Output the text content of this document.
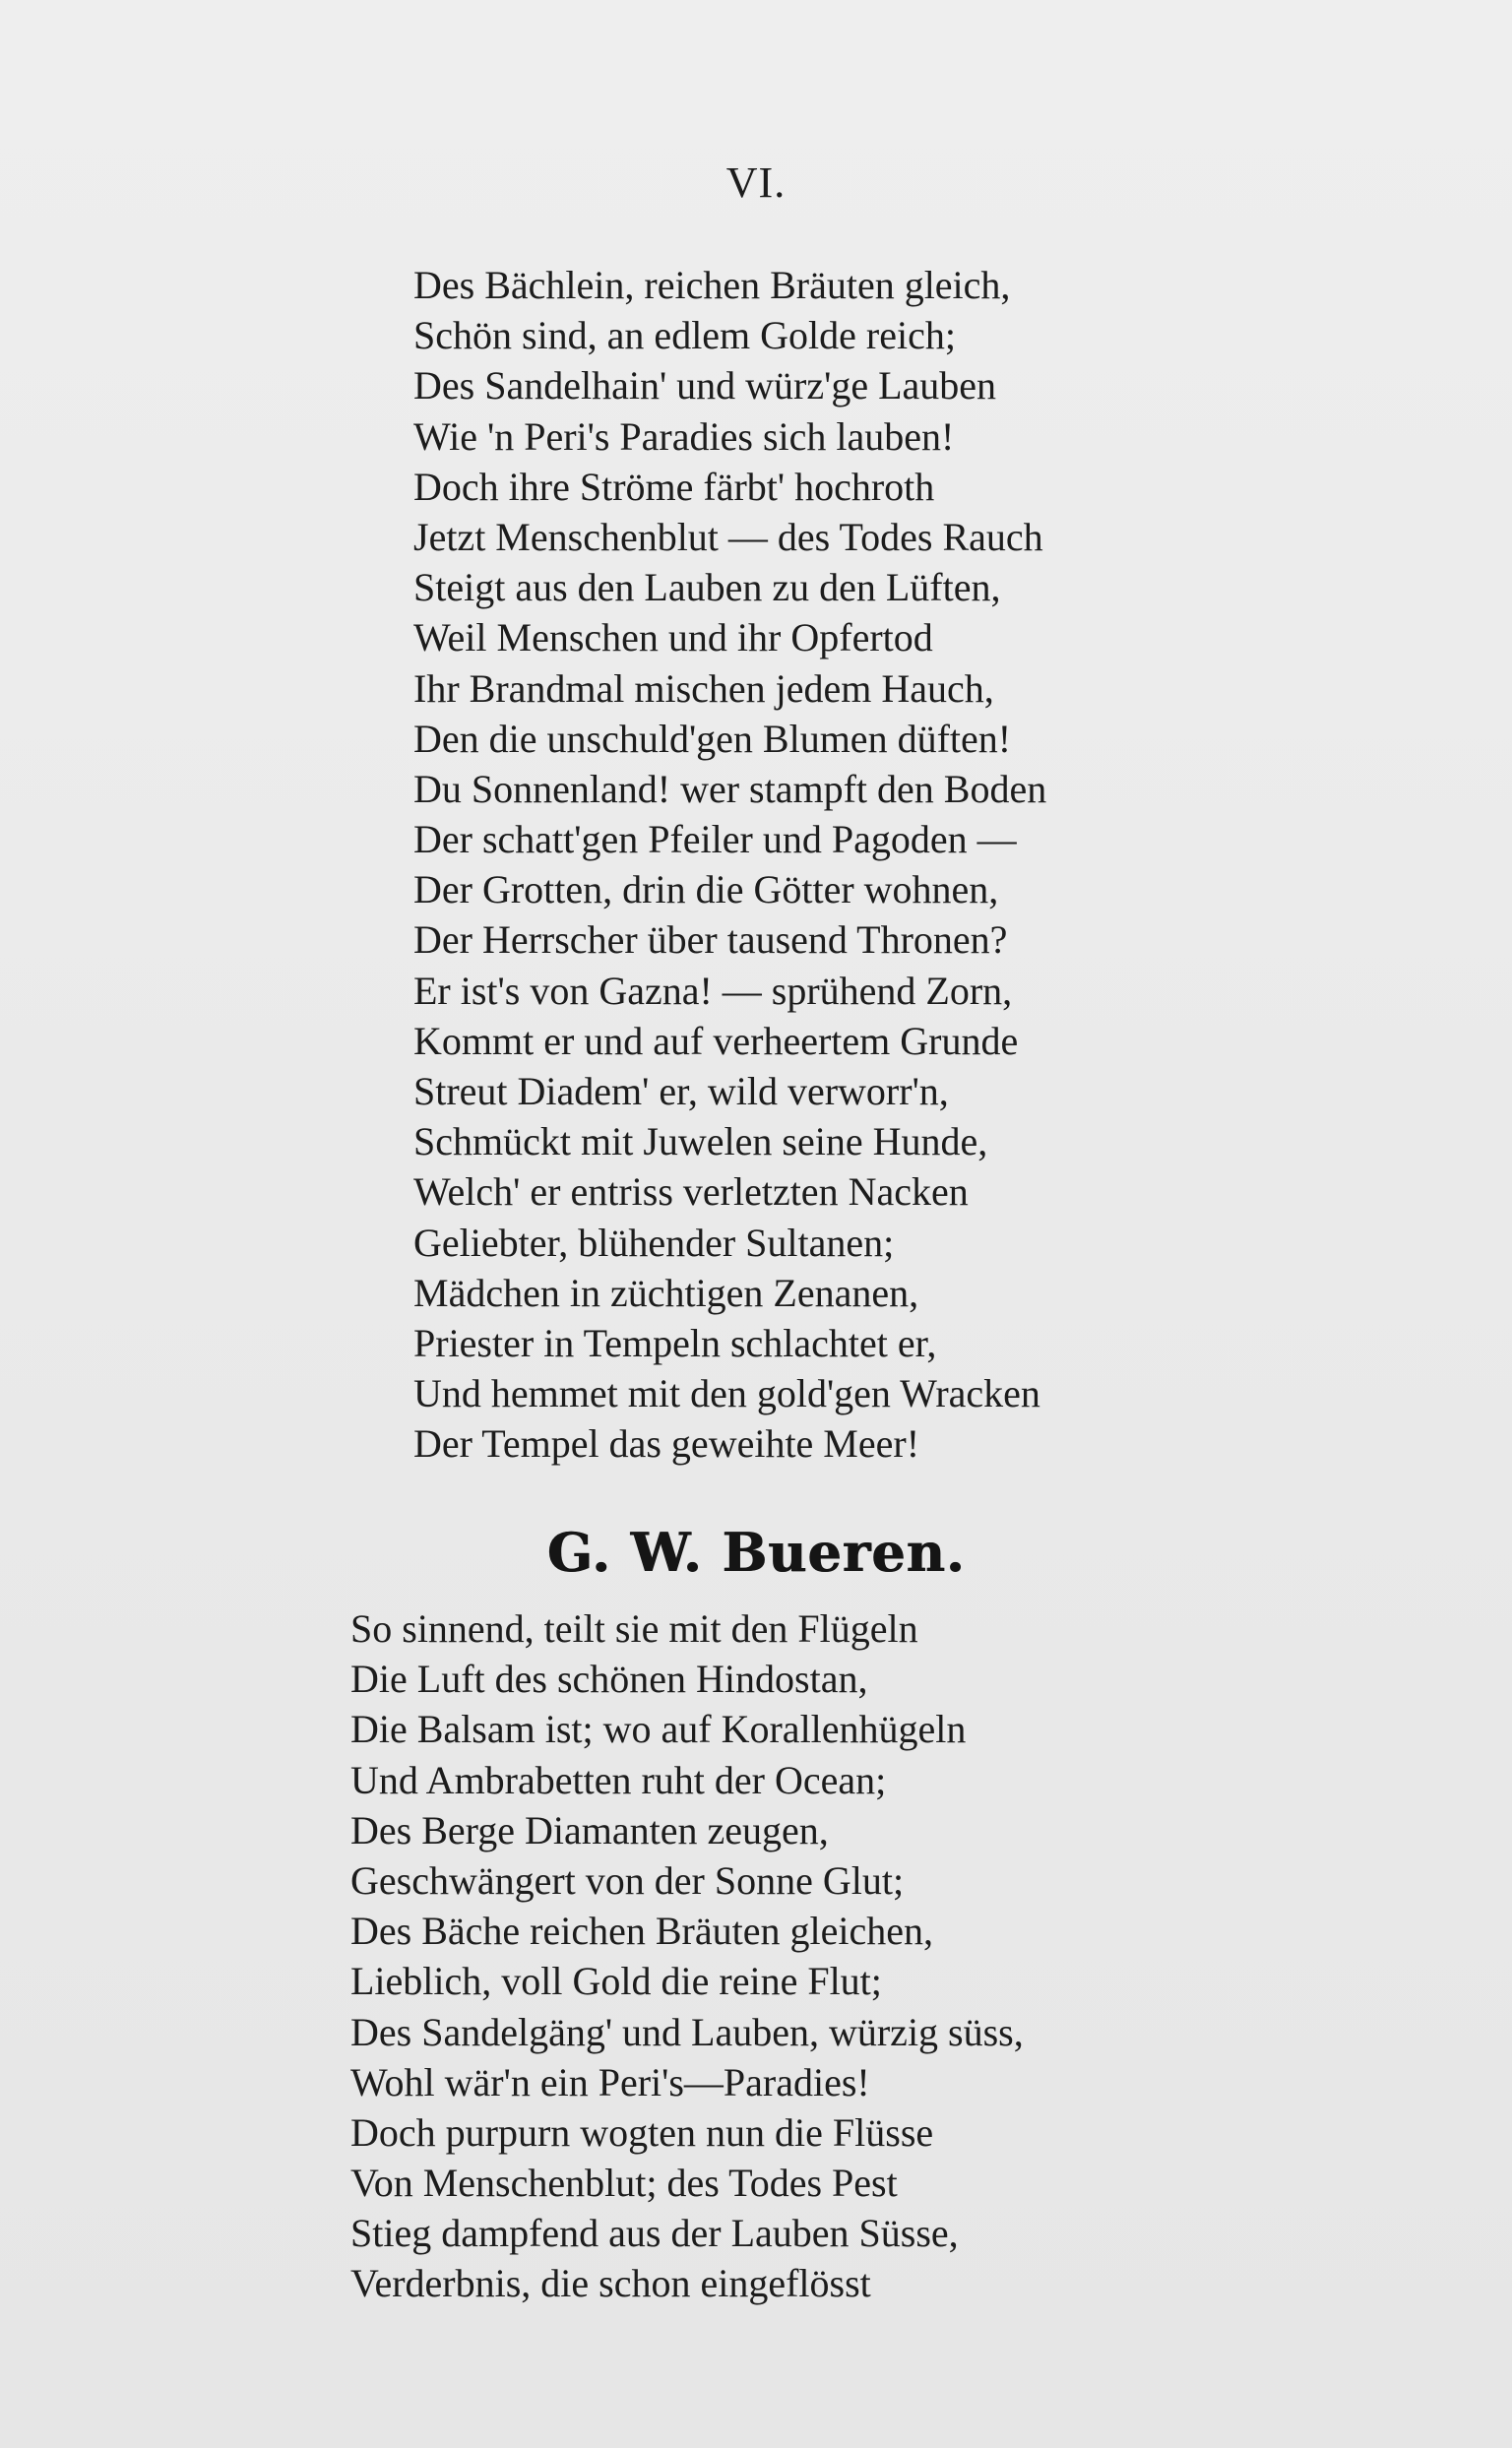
VI.

Des Bächlein, reichen Bräuten gleich,
Schön sind, an edlem Golde reich;
Des Sandelhain' und würz'ge Lauben
Wie 'n Peri's Paradies sich lauben!
Doch ihre Ströme färbt' hochroth
Jetzt Menschenblut — des Todes Rauch
Steigt aus den Lauben zu den Lüften,
Weil Menschen und ihr Opfertod
Ihr Brandmal mischen jedem Hauch,
Den die unschuld'gen Blumen düften!
Du Sonnenland! wer stampft den Boden
Der schatt'gen Pfeiler und Pagoden —
Der Grotten, drin die Götter wohnen,
Der Herrscher über tausend Thronen?
Er ist's von Gazna! — sprühend Zorn,
Kommt er und auf verheertem Grunde
Streut Diadem' er, wild verworr'n,
Schmückt mit Juwelen seine Hunde,
Welch' er entriss verletzten Nacken
Geliebter, blühender Sultanen;
Mädchen in züchtigen Zenanen,
Priester in Tempeln schlachtet er,
Und hemmet mit den gold'gen Wracken
Der Tempel das geweihte Meer!
G. W. Bueren.
So sinnend, teilt sie mit den Flügeln
Die Luft des schönen Hindostan,
Die Balsam ist; wo auf Korallenhügeln
Und Ambrabetten ruht der Ocean;
Des Berge Diamanten zeugen,
Geschwängert von der Sonne Glut;
Des Bäche reichen Bräuten gleichen,
Lieblich, voll Gold die reine Flut;
Des Sandelgäng' und Lauben, würzig süss,
Wohl wär'n ein Peri's—Paradies!
Doch purpurn wogten nun die Flüsse
Von Menschenblut; des Todes Pest
Stieg dampfend aus der Lauben Süsse,
Verderbnis, die schon eingeflösst
